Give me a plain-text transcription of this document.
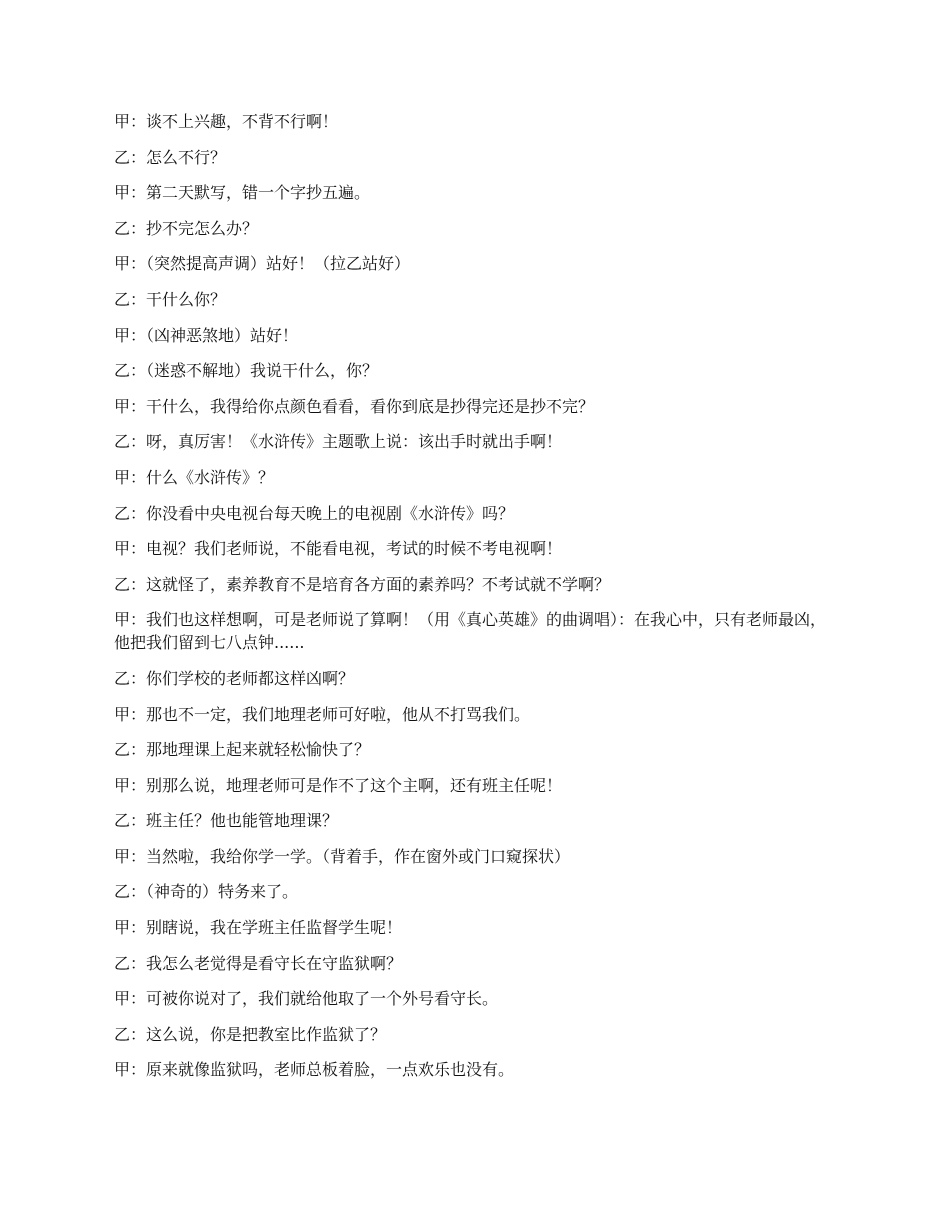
甲：谈不上兴趣，不背不行啊！

乙：怎么不行？

甲：第二天默写，错一个字抄五遍。

乙：抄不完怎么办？

甲：（突然提高声调）站好！（拉乙站好）

乙：干什么你？

甲：（凶神恶煞地）站好！

乙：（迷惑不解地）我说干什么，你？

甲：干什么，我得给你点颜色看看，看你到底是抄得完还是抄不完？

乙：呀，真厉害！《水浒传》主题歌上说：该出手时就出手啊！

甲：什么《水浒传》？

乙：你没看中央电视台每天晚上的电视剧《水浒传》吗？

甲：电视？我们老师说，不能看电视，考试的时候不考电视啊！

乙：这就怪了，素养教育不是培育各方面的素养吗？不考试就不学啊？

甲：我们也这样想啊，可是老师说了算啊！（用《真心英雄》的曲调唱）：在我心中，只有老师最凶，他把我们留到七八点钟......

乙：你们学校的老师都这样凶啊？

甲：那也不一定，我们地理老师可好啦，他从不打骂我们。

乙：那地理课上起来就轻松愉快了？

甲：别那么说，地理老师可是作不了这个主啊，还有班主任呢！

乙：班主任？他也能管地理课？

甲：当然啦，我给你学一学。（背着手，作在窗外或门口窥探状）

乙：（神奇的）特务来了。

甲：别瞎说，我在学班主任监督学生呢！

乙：我怎么老觉得是看守长在守监狱啊？

甲：可被你说对了，我们就给他取了一个外号看守长。

乙：这么说，你是把教室比作监狱了？

甲：原来就像监狱吗，老师总板着脸，一点欢乐也没有。
